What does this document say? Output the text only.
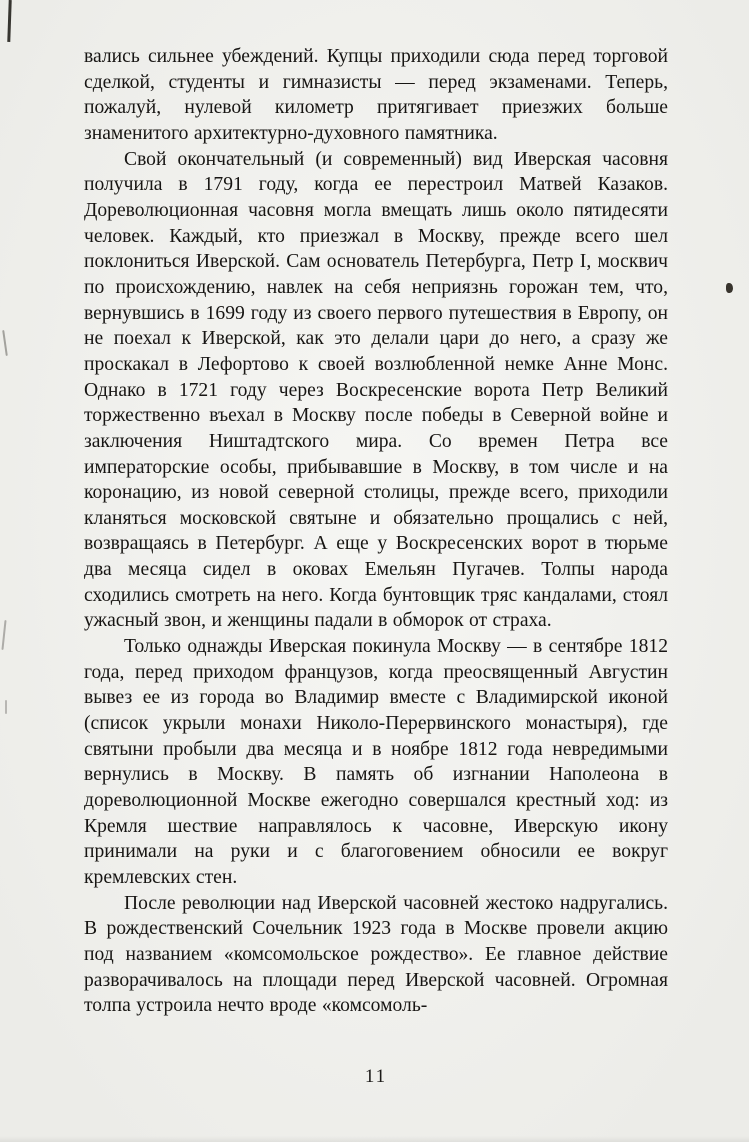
вались сильнее убеждений. Купцы приходили сюда перед торговой сделкой, студенты и гимназисты — перед экзаменами. Теперь, пожалуй, нулевой километр притягивает приезжих больше знаменитого архитектурно-духовного памятника.

Свой окончательный (и современный) вид Иверская часовня получила в 1791 году, когда ее перестроил Матвей Казаков. Дореволюционная часовня могла вмещать лишь около пятидесяти человек. Каждый, кто приезжал в Москву, прежде всего шел поклониться Иверской. Сам основатель Петербурга, Петр I, москвич по происхождению, навлек на себя неприязнь горожан тем, что, вернувшись в 1699 году из своего первого путешествия в Европу, он не поехал к Иверской, как это делали цари до него, а сразу же проскакал в Лефортово к своей возлюбленной немке Анне Монс. Однако в 1721 году через Воскресенские ворота Петр Великий торжественно въехал в Москву после победы в Северной войне и заключения Ништадтского мира. Со времен Петра все императорские особы, прибывавшие в Москву, в том числе и на коронацию, из новой северной столицы, прежде всего, приходили кланяться московской святыне и обязательно прощались с ней, возвращаясь в Петербург. А еще у Воскресенских ворот в тюрьме два месяца сидел в оковах Емельян Пугачев. Толпы народа сходились смотреть на него. Когда бунтовщик тряс кандалами, стоял ужасный звон, и женщины падали в обморок от страха.

Только однажды Иверская покинула Москву — в сентябре 1812 года, перед приходом французов, когда преосвященный Августин вывез ее из города во Владимир вместе с Владимирской иконой (список укрыли монахи Николо-Перервинского монастыря), где святыни пробыли два месяца и в ноябре 1812 года невредимыми вернулись в Москву. В память об изгнании Наполеона в дореволюционной Москве ежегодно совершался крестный ход: из Кремля шествие направлялось к часовне, Иверскую икону принимали на руки и с благоговением обносили ее вокруг кремлевских стен.

После революции над Иверской часовней жестоко надругались. В рождественский Сочельник 1923 года в Москве провели акцию под названием «комсомольское рождество». Ее главное действие разворачивалось на площади перед Иверской часовней. Огромная толпа устроила нечто вроде «комсомоль-

11
